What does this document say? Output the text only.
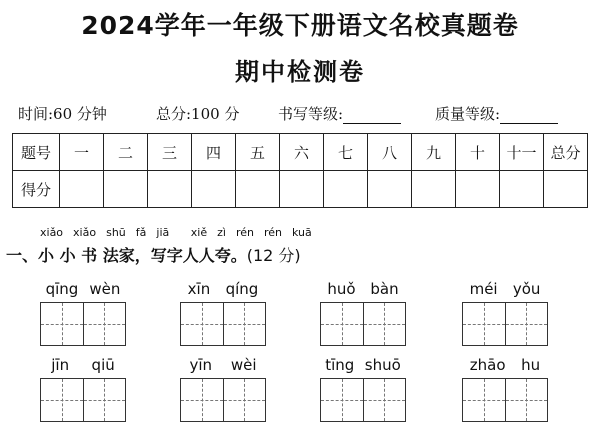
2024学年一年级下册语文名校真题卷
期中检测卷
时间:60 分钟	总分:100 分	书写等级:	质量等级:
题号	一	二	三	四	五	六	七	八	九	十	十一	总分
得分												
xiǎo xiǎo shū fǎ jiā xiě zì rén rén kuā
一、小 小 书 法家，写字人人夸。(12 分)
qīng wèn	xīn qíng	huǒ bàn	méi yǒu
jīn qiū	yīn wèi	tīng shuō	zhāo hu
